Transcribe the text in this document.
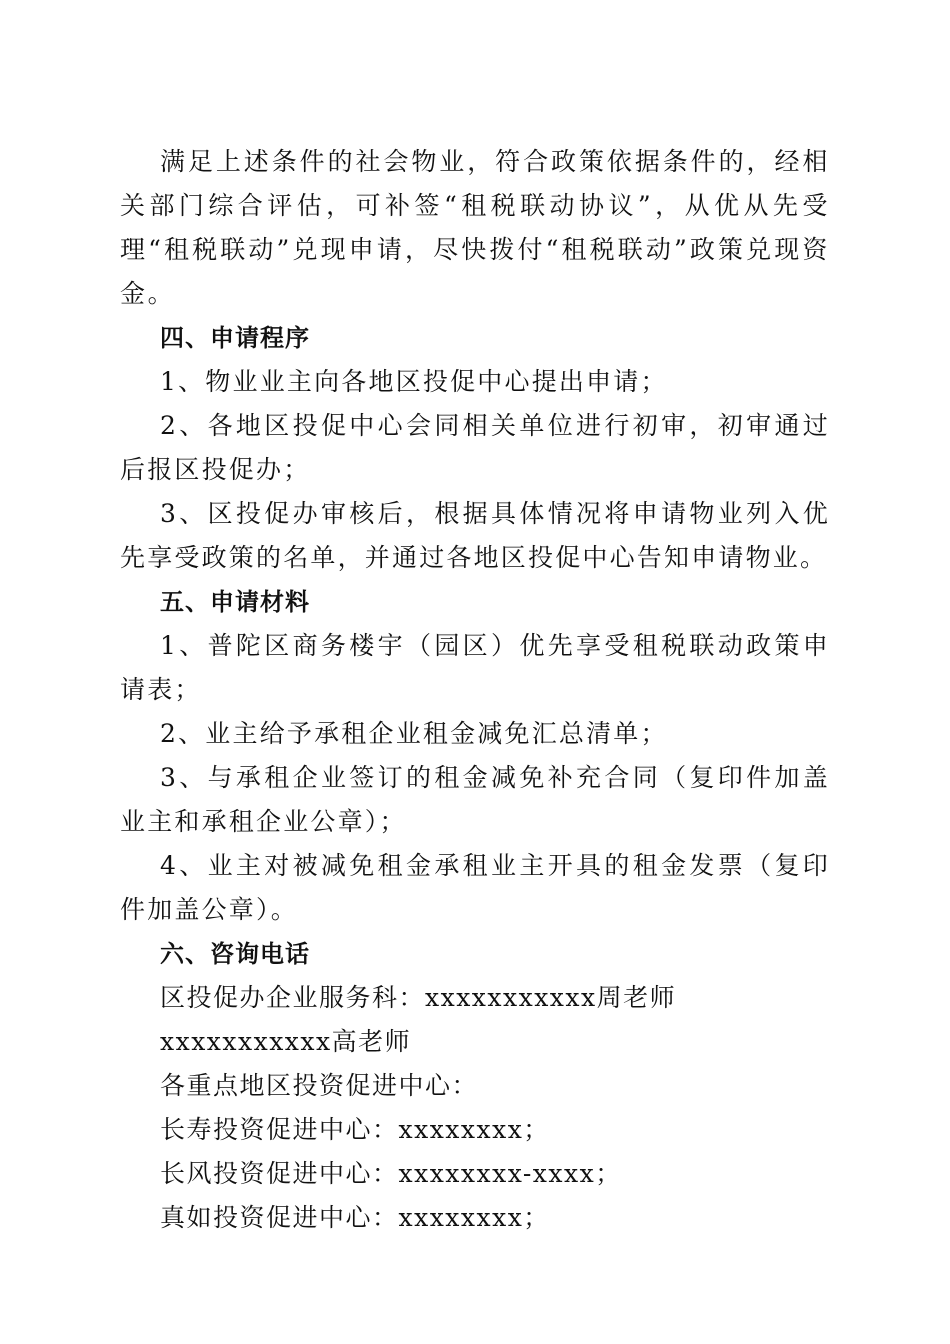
满足上述条件的社会物业，符合政策依据条件的，经相关部门综合评估，可补签“租税联动协议”，从优从先受理“租税联动”兑现申请，尽快拨付“租税联动”政策兑现资金。

四、申请程序

1、物业业主向各地区投促中心提出申请；

2、各地区投促中心会同相关单位进行初审，初审通过后报区投促办；

3、区投促办审核后，根据具体情况将申请物业列入优先享受政策的名单，并通过各地区投促中心告知申请物业。

五、申请材料

1、普陀区商务楼宇（园区）优先享受租税联动政策申请表；

2、业主给予承租企业租金减免汇总清单；

3、与承租企业签订的租金减免补充合同（复印件加盖业主和承租企业公章）；

4、业主对被减免租金承租业主开具的租金发票（复印件加盖公章）。

六、咨询电话

区投促办企业服务科：xxxxxxxxxxx周老师

xxxxxxxxxxx高老师

各重点地区投资促进中心：

长寿投资促进中心：xxxxxxxx；

长风投资促进中心：xxxxxxxx-xxxx；

真如投资促进中心：xxxxxxxx；
